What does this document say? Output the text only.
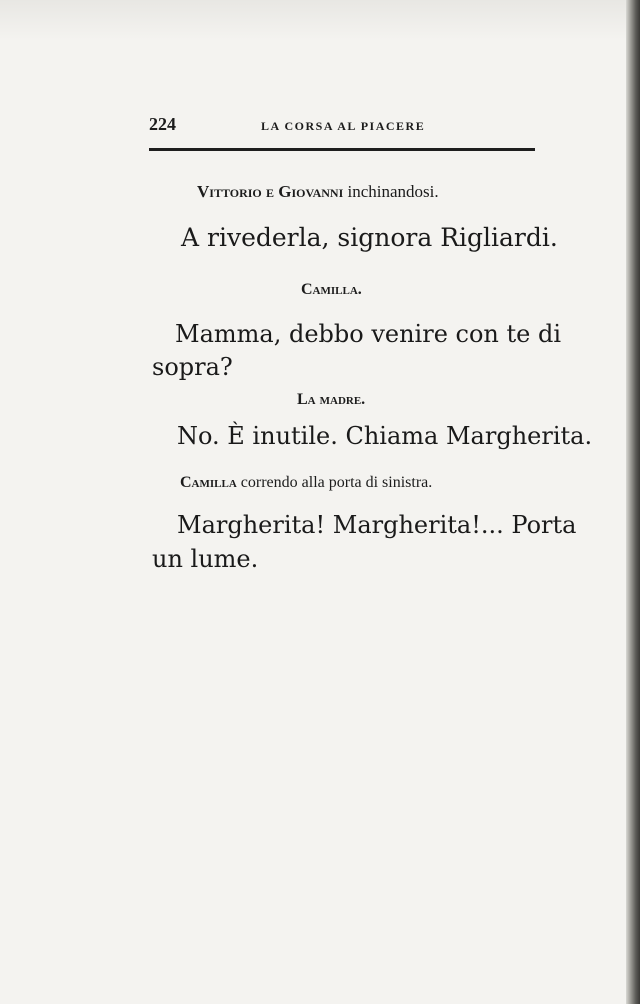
224	LA CORSA AL PIACERE
Vittorio e Giovanni inchinandosi.
A rivederla, signora Rigliardi.
Camilla.
Mamma, debbo venire con te di
sopra?
La madre.
No. È inutile. Chiama Margherita.
Camilla correndo alla porta di sinistra.
Margherita! Margherita!... Porta
un lume.
